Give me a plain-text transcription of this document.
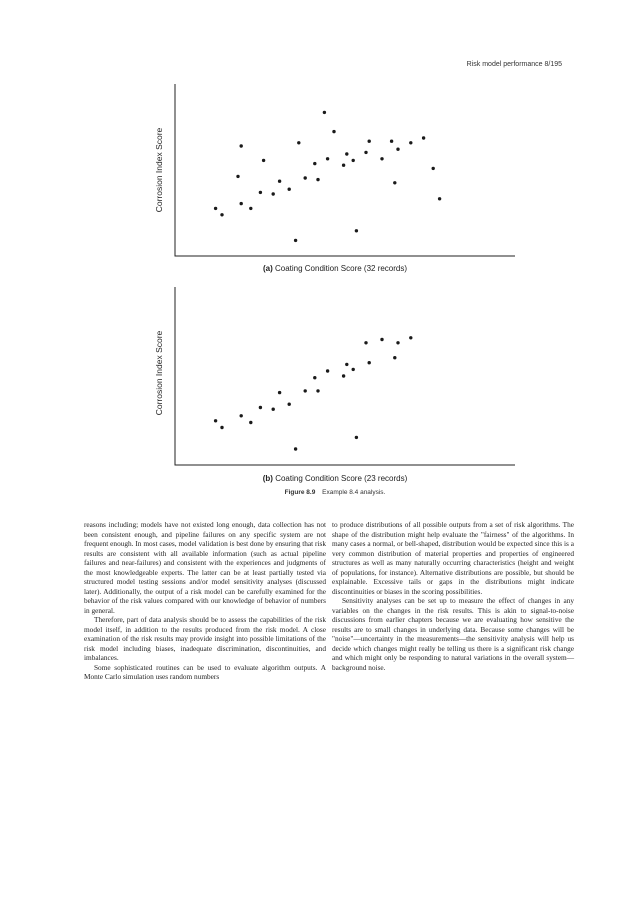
Risk model performance 8/195
Corrosion Index Score
(a) Coating Condition Score (32 records)
Corrosion Index Score
(b) Coating Condition Score (23 records)
Figure 8.9 Example 8.4 analysis.

reasons including; models have not existed long enough, data collection has not been consistent enough, and pipeline failures on any specific system are not frequent enough. In most cases, model validation is best done by ensuring that risk results are consistent with all available information (such as actual pipeline failures and near-failures) and consistent with the experiences and judgments of the most knowledgeable experts. The latter can be at least partially tested via structured model testing sessions and/or model sensitivity analyses (discussed later). Additionally, the output of a risk model can be carefully examined for the behavior of the risk values compared with our knowledge of behavior of numbers in general.

Therefore, part of data analysis should be to assess the capabilities of the risk model itself, in addition to the results produced from the risk model. A close examination of the risk results may provide insight into possible limitations of the risk model including biases, inadequate discrimination, discontinuities, and imbalances.

Some sophisticated routines can be used to evaluate algorithm outputs. A Monte Carlo simulation uses random numbers

to produce distributions of all possible outputs from a set of risk algorithms. The shape of the distribution might help evaluate the "fairness" of the algorithms. In many cases a normal, or bell-shaped, distribution would be expected since this is a very common distribution of material properties and properties of engineered structures as well as many naturally occurring characteristics (height and weight of populations, for instance). Alternative distributions are possible, but should be explainable. Excessive tails or gaps in the distributions might indicate discontinuities or biases in the scoring possibilities.

Sensitivity analyses can be set up to measure the effect of changes in any variables on the changes in the risk results. This is akin to signal-to-noise discussions from earlier chapters because we are evaluating how sensitive the results are to small changes in underlying data. Because some changes will be "noise"—uncertainty in the measurements—the sensitivity analysis will help us decide which changes might really be telling us there is a significant risk change and which might only be responding to natural variations in the overall system—background noise.
